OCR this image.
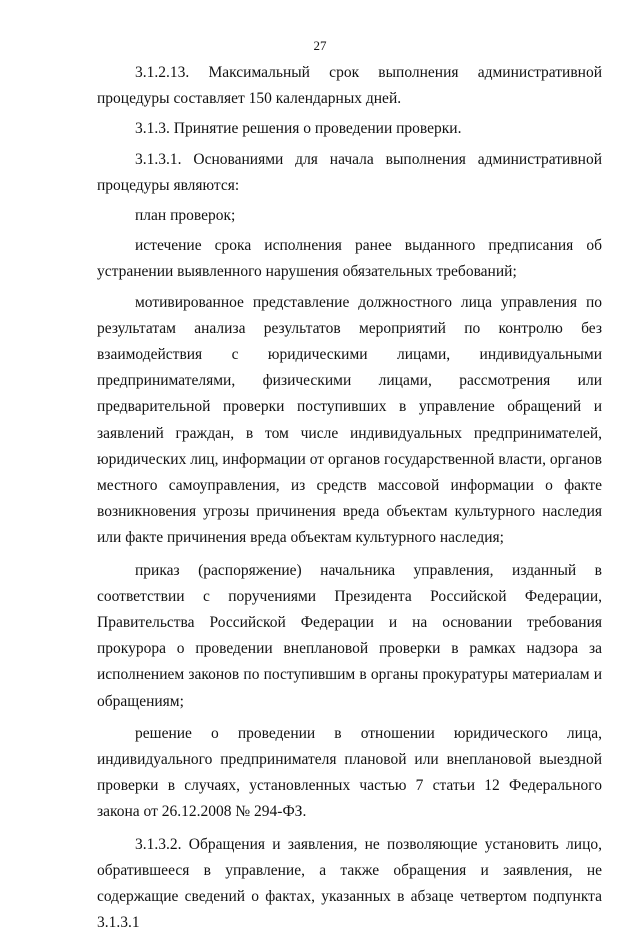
27

3.1.2.13. Максимальный срок выполнения административной процедуры составляет 150 календарных дней.

3.1.3. Принятие решения о проведении проверки.

3.1.3.1. Основаниями для начала выполнения административной процедуры являются:

план проверок;

истечение срока исполнения ранее выданного предписания об устранении выявленного нарушения обязательных требований;

мотивированное представление должностного лица управления по результатам анализа результатов мероприятий по контролю без взаимодействия с юридическими лицами, индивидуальными предпринимателями, физическими лицами, рассмотрения или предварительной проверки поступивших в управление обращений и заявлений граждан, в том числе индивидуальных предпринимателей, юридических лиц, информации от органов государственной власти, органов местного самоуправления, из средств массовой информации о факте возникновения угрозы причинения вреда объектам культурного наследия или факте причинения вреда объектам культурного наследия;

приказ (распоряжение) начальника управления, изданный в соответствии с поручениями Президента Российской Федерации, Правительства Российской Федерации и на основании требования прокурора о проведении внеплановой проверки в рамках надзора за исполнением законов по поступившим в органы прокуратуры материалам и обращениям;

решение о проведении в отношении юридического лица, индивидуального предпринимателя плановой или внеплановой выездной проверки в случаях, установленных частью 7 статьи 12 Федерального закона от 26.12.2008 № 294-ФЗ.

3.1.3.2. Обращения и заявления, не позволяющие установить лицо, обратившееся в управление, а также обращения и заявления, не содержащие сведений о фактах, указанных в абзаце четвертом подпункта 3.1.3.1
